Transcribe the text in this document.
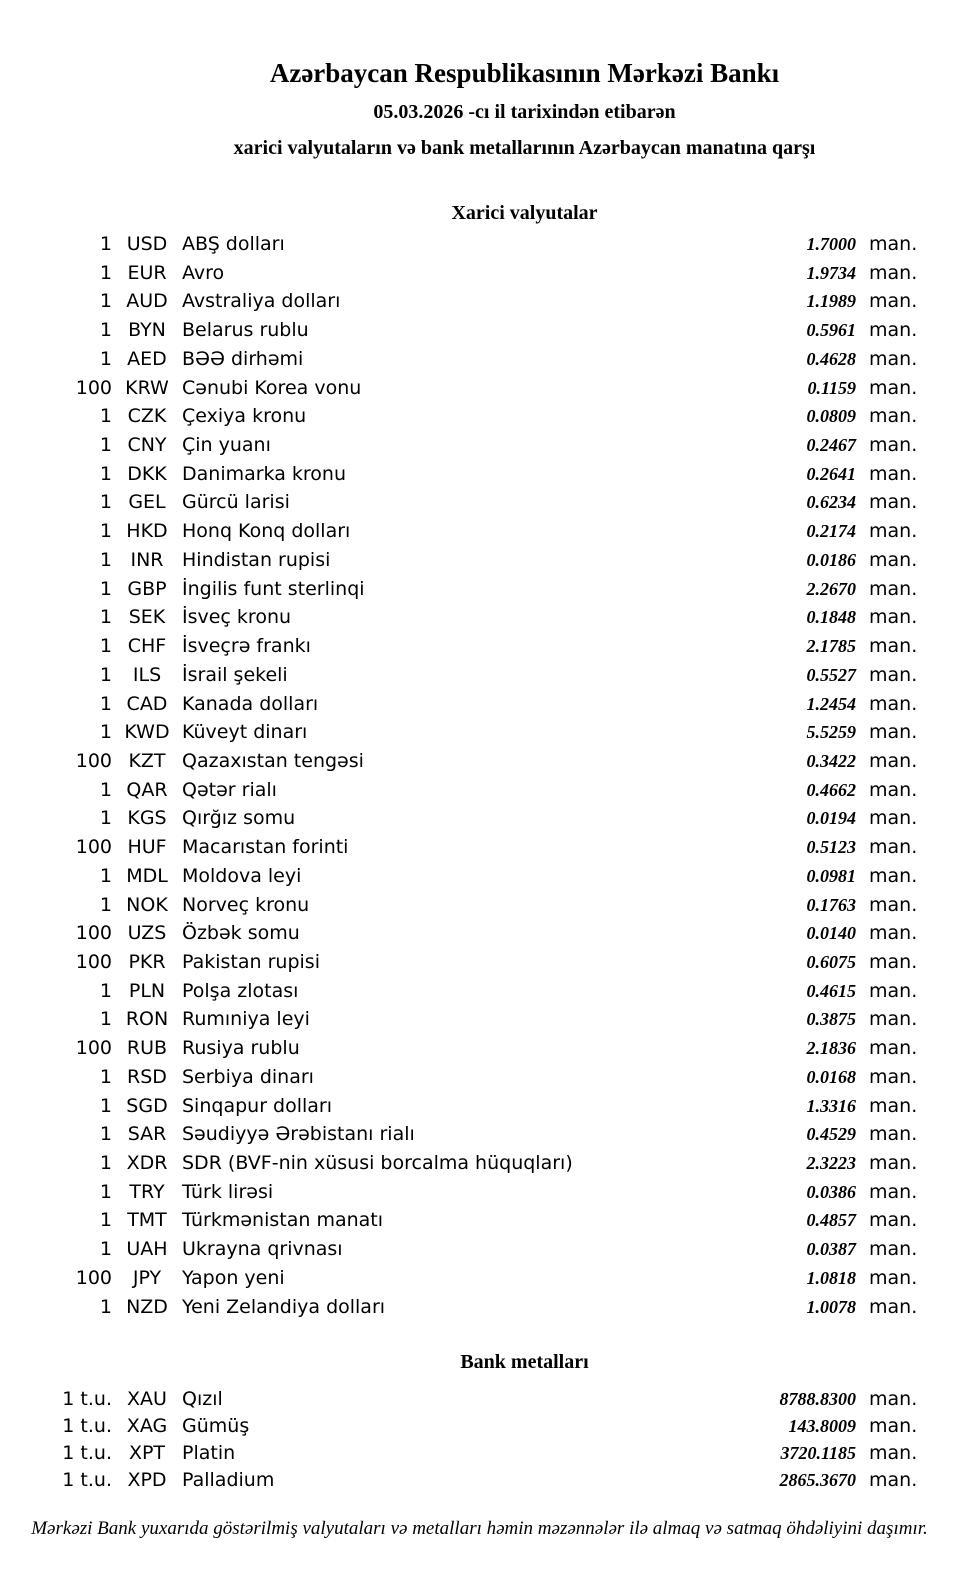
Azərbaycan Respublikasının Mərkəzi Bankı
05.03.2026 -cı il tarixindən etibarən
xarici valyutaların və bank metallarının Azərbaycan manatına qarşı
Xarici valyutalar
1 USD ABŞ dolları	1.7000 man.
1 EUR Avro	1.9734 man.
1 AUD Avstraliya dolları	1.1989 man.
1 BYN Belarus rublu	0.5961 man.
1 AED BƏƏ dirhəmi	0.4628 man.
100 KRW Cənubi Korea vonu	0.1159 man.
1 CZK Çexiya kronu	0.0809 man.
1 CNY Çin yuanı	0.2467 man.
1 DKK Danimarka kronu	0.2641 man.
1 GEL Gürcü larisi	0.6234 man.
1 HKD Honq Konq dolları	0.2174 man.
1 INR Hindistan rupisi	0.0186 man.
1 GBP İngilis funt sterlinqi	2.2670 man.
1 SEK İsveç kronu	0.1848 man.
1 CHF İsveçrə frankı	2.1785 man.
1	ILS	İsrail şekeli	0.5527 man.
1 CAD Kanada dolları	1.2454 man.
1 KWD Küveyt dinarı	5.5259 man.
100 KZT Qazaxıstan tengəsi	0.3422 man.
1 QAR Qətər rialı	0.4662 man.
1 KGS Qırğız somu	0.0194 man.
100 HUF Macarıstan forinti	0.5123 man.
1 MDL Moldova leyi	0.0981 man.
1 NOK Norveç kronu	0.1763 man.
100 UZS Özbək somu	0.0140 man.
100 PKR Pakistan rupisi	0.6075 man.
1 PLN Polşa zlotası	0.4615 man.
1 RON Rumıniya leyi	0.3875 man.
100 RUB Rusiya rublu	2.1836 man.
1 RSD Serbiya dinarı	0.0168 man.
1 SGD Sinqapur dolları	1.3316 man.
1 SAR Səudiyyə Ərəbistanı rialı	0.4529 man.
1 XDR SDR (BVF-nin xüsusi borcalma hüquqları)	2.3223 man.
1 TRY Türk lirəsi	0.0386 man.
1 TMT Türkmənistan manatı	0.4857 man.
1 UAH Ukrayna qrivnası	0.0387 man.
100	JPY	Yapon yeni	1.0818 man.
1 NZD Yeni Zelandiya dolları	1.0078 man.
Bank metalları
1 t.u. XAU Qızıl	8788.8300 man.
1 t.u. XAG Gümüş	143.8009 man.
1 t.u. XPT Platin	3720.1185 man.
1 t.u. XPD Palladium	2865.3670 man.
Mərkəzi Bank yuxarıda göstərilmiş valyutaları və metalları həmin məzənnələr ilə almaq və satmaq öhdəliyini daşımır.
